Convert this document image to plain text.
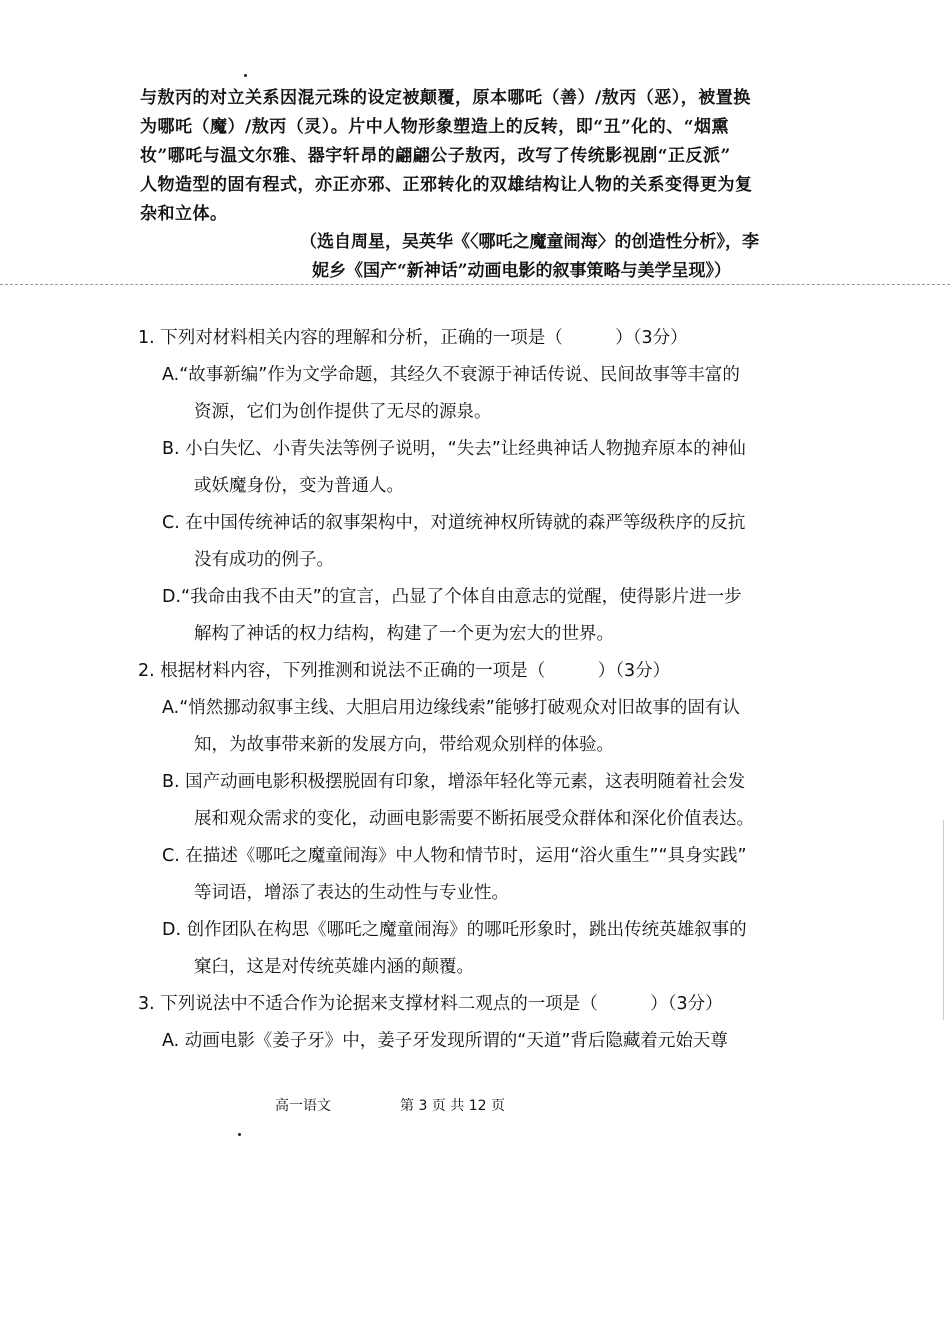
与敖丙的对立关系因混元珠的设定被颠覆，原本哪吒（善）/敖丙（恶），被置换

为哪吒（魔）/敖丙（灵）。片中人物形象塑造上的反转，即“丑”化的、“烟熏

妆”哪吒与温文尔雅、器宇轩昂的翩翩公子敖丙，改写了传统影视剧“正反派”

人物造型的固有程式，亦正亦邪、正邪转化的双雄结构让人物的关系变得更为复

杂和立体。

（选自周星，吴英华《〈哪吒之魔童闹海〉的创造性分析》，李
妮乡《国产“新神话”动画电影的叙事策略与美学呈现》）

1. 下列对材料相关内容的理解和分析，正确的一项是（　　　）（3分）

A.“故事新编”作为文学命题，其经久不衰源于神话传说、民间故事等丰富的
资源，它们为创作提供了无尽的源泉。
B. 小白失忆、小青失法等例子说明，“失去”让经典神话人物抛弃原本的神仙
或妖魔身份，变为普通人。
C. 在中国传统神话的叙事架构中，对道统神权所铸就的森严等级秩序的反抗
没有成功的例子。
D.“我命由我不由天”的宣言，凸显了个体自由意志的觉醒，使得影片进一步
解构了神话的权力结构，构建了一个更为宏大的世界。

2. 根据材料内容，下列推测和说法不正确的一项是（　　　）（3分）

A.“悄然挪动叙事主线、大胆启用边缘线索”能够打破观众对旧故事的固有认
知，为故事带来新的发展方向，带给观众别样的体验。
B. 国产动画电影积极摆脱固有印象，增添年轻化等元素，这表明随着社会发
展和观众需求的变化，动画电影需要不断拓展受众群体和深化价值表达。
C. 在描述《哪吒之魔童闹海》中人物和情节时，运用“浴火重生”“具身实践”
等词语，增添了表达的生动性与专业性。
D. 创作团队在构思《哪吒之魔童闹海》的哪吒形象时，跳出传统英雄叙事的
窠臼，这是对传统英雄内涵的颠覆。

3. 下列说法中不适合作为论据来支撑材料二观点的一项是（　　　）（3分）

A. 动画电影《姜子牙》中，姜子牙发现所谓的“天道”背后隐藏着元始天尊
高一语文	第 3 页 共 12 页
